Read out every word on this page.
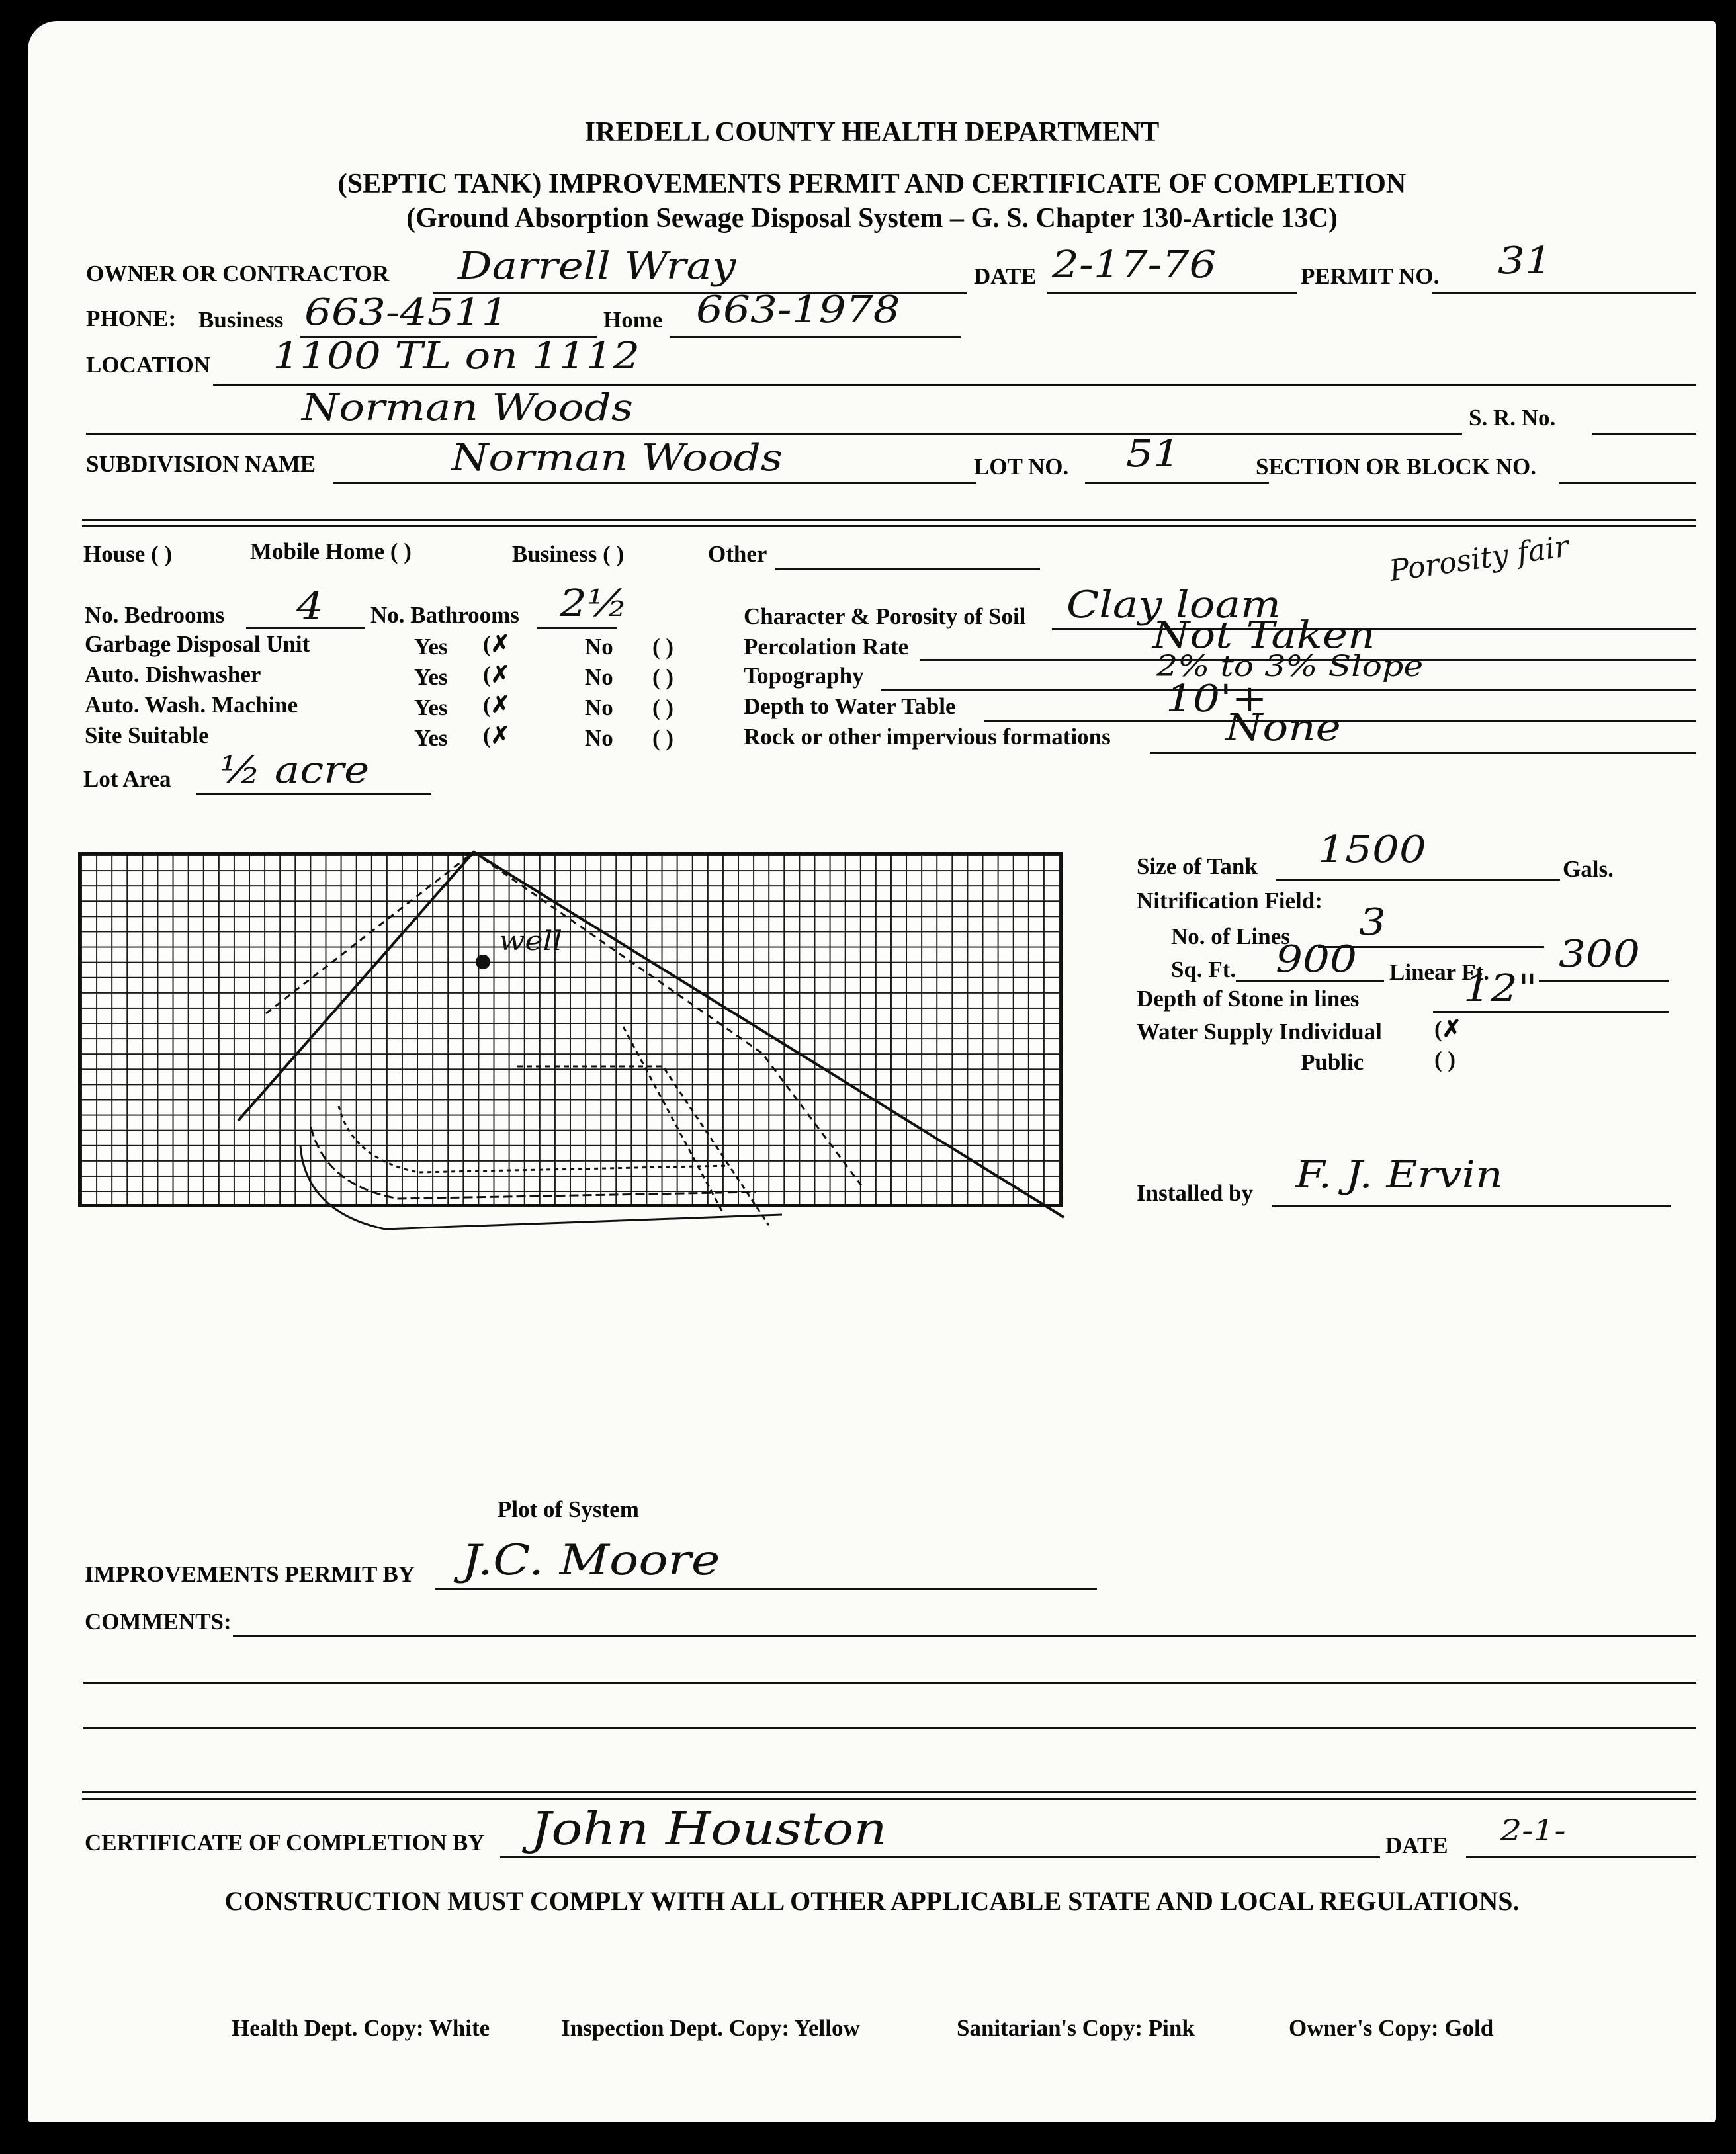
IREDELL COUNTY HEALTH DEPARTMENT
(SEPTIC TANK) IMPROVEMENTS PERMIT AND CERTIFICATE OF COMPLETION
(Ground Absorption Sewage Disposal System – G. S. Chapter 130-Article 13C)
OWNER OR CONTRACTOR Darrell Wray	DATE 2-17-76	PERMIT NO. 31
PHONE: Business 663-4511	Home 663-1978
LOCATION 1100 TL on 1112
Norman Woods	S. R. No.
SUBDIVISION NAME	Norman Woods	LOT NO. 51	SECTION OR BLOCK NO.
House ( )	Mobile Home ( )	Business ( )	Other
No. Bedrooms 4 No. Bathrooms 2½
Garbage Disposal Unit	Yes (✗	No ( )
Auto. Dishwasher	Yes (✗	No ( )
Auto. Wash. Machine	Yes (✗	No ( )
Site Suitable	Yes (✗	No ( )
Lot Area ½ acre
Porosity fair
Character & Porosity of Soil Clay loam
Percolation Rate	Not Taken
Topography	2% to 3% Slope
Depth to Water Table	10'+
Rock or other impervious formations	None
well
Plot of System
Size of Tank 1500	Gals.
Nitrification Field:
No. of Lines 3
Sq. Ft. 900 Linear Ft. 300
Depth of Stone in lines	12"
Water Supply Individual (✗
Public	( )
Installed by F. J. Ervin
IMPROVEMENTS PERMIT BY J.C. Moore
COMMENTS:
CERTIFICATE OF COMPLETION BY John Houston	DATE 2-1-
CONSTRUCTION MUST COMPLY WITH ALL OTHER APPLICABLE STATE AND LOCAL REGULATIONS.
Health Dept. Copy: White	Inspection Dept. Copy: Yellow	Sanitarian's Copy: Pink	Owner's Copy: Gold
